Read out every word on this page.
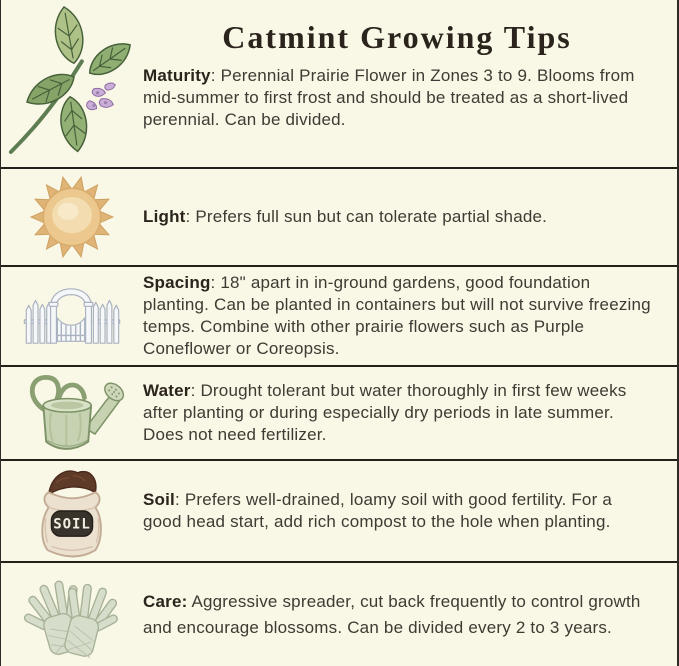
Catmint Growing Tips

Maturity: Perennial Prairie Flower in Zones 3 to 9. Blooms from mid-summer to first frost and should be treated as a short-lived perennial. Can be divided.

Light: Prefers full sun but can tolerate partial shade.

Spacing: 18" apart in in-ground gardens, good foundation planting. Can be planted in containers but will not survive freezing temps. Combine with other prairie flowers such as Purple Coneflower or Coreopsis.

Water: Drought tolerant but water thoroughly in first few weeks after planting or during especially dry periods in late summer. Does not need fertilizer.

SOIL

Soil: Prefers well-drained, loamy soil with good fertility. For a good head start, add rich compost to the hole when planting.

Care: Aggressive spreader, cut back frequently to control growth and encourage blossoms. Can be divided every 2 to 3 years.
